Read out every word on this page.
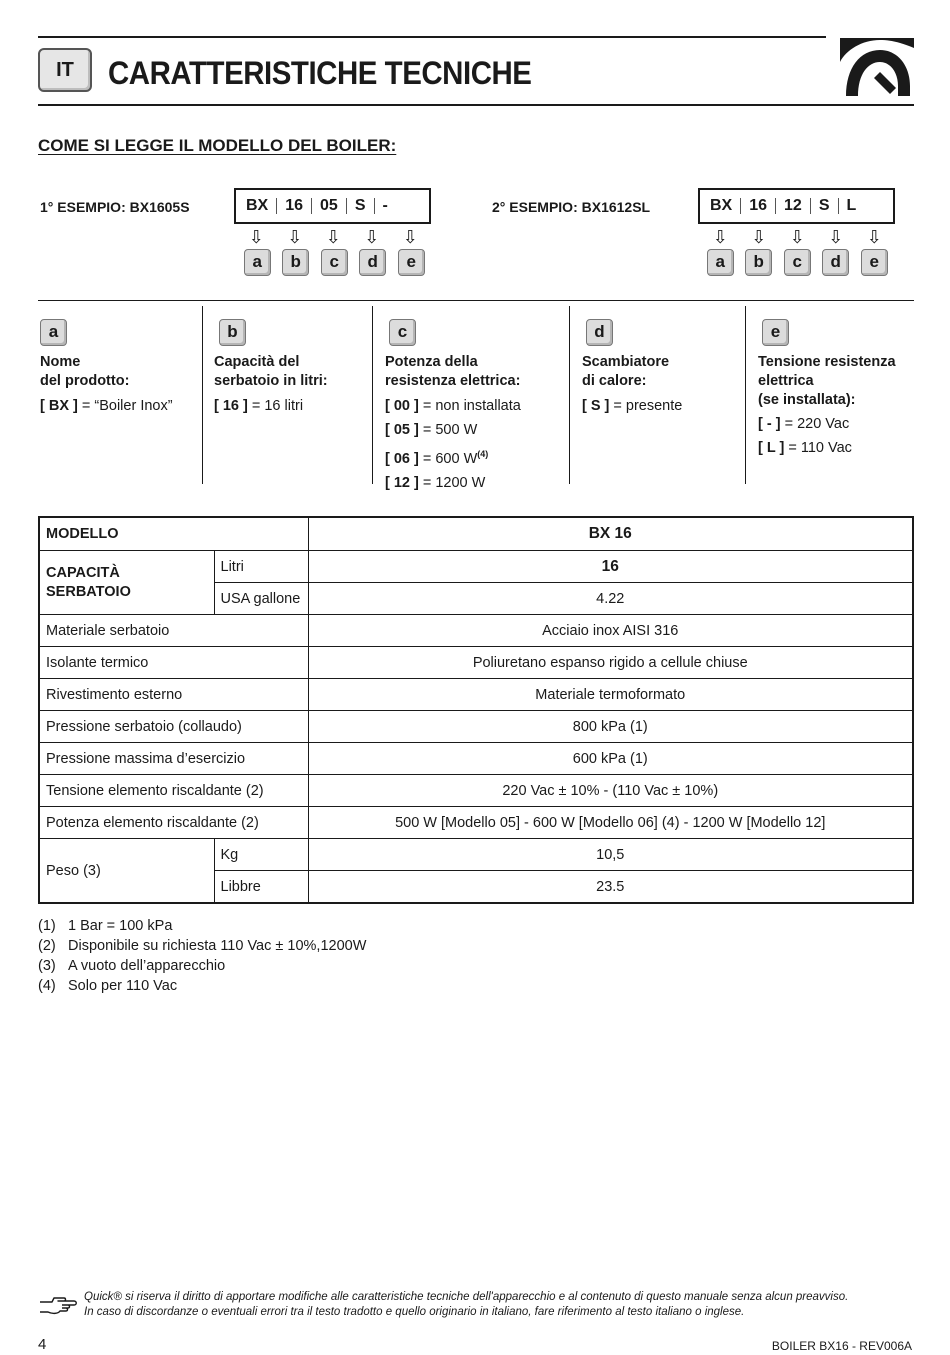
IT	CARATTERISTICHE TECNICHE
COME SI LEGGE IL MODELLO DEL BOILER:
1° ESEMPIO: BX1605S	BX	16	05	S	-
⇩	⇩	⇩	⇩	⇩
a	b	c	d	e
2° ESEMPIO: BX1612SL	BX	16	12	S	L
⇩	⇩	⇩	⇩	⇩
a	b	c	d	e
a
Nome
del prodotto:
[ BX ] = “Boiler Inox”
b
Capacità del
serbatoio in litri:
[ 16 ] = 16 litri
c
Potenza della
resistenza elettrica:
[ 00 ] = non installata
[ 05 ] = 500 W
[ 06 ] = 600 $W^{(4)}$
[ 12 ] = 1200 W
d
Scambiatore
di calore:
[ S ] = presente
e
Tensione resistenza
elettrica
(se installata):
[ - ] = 220 Vac
[ L ] = 110 Vac
MODELLO		BX 16
CAPACITÀ
SERBATOIO	Litri	16
	USA gallone	4.22
Materiale serbatoio		Acciaio inox AISI 316
Isolante termico		Poliuretano espanso rigido a cellule chiuse
Rivestimento esterno		Materiale termoformato
Pressione serbatoio (collaudo)		800 kPa (1)
Pressione massima d’esercizio		600 kPa (1)
Tensione elemento riscaldante (2)		220 Vac ± 10% - (110 Vac ± 10%)
Potenza elemento riscaldante (2)		500 W [Modello 05] - 600 W [Modello 06] (4) - 1200 W [Modello 12]
Peso (3)	Kg	10,5
	Libbre	23.5
(1) 1 Bar = 100 kPa
(2) Disponibile su richiesta 110 Vac ± 10%,1200W
(3) A vuoto dell’apparecchio
(4) Solo per 110 Vac
Quick® si riserva il diritto di apportare modifiche alle caratteristiche tecniche dell'apparecchio e al contenuto di questo manuale senza alcun preavviso.
In caso di discordanze o eventuali errori tra il testo tradotto e quello originario in italiano, fare riferimento al testo italiano o inglese.
4	BOILER BX16 - REV006A
